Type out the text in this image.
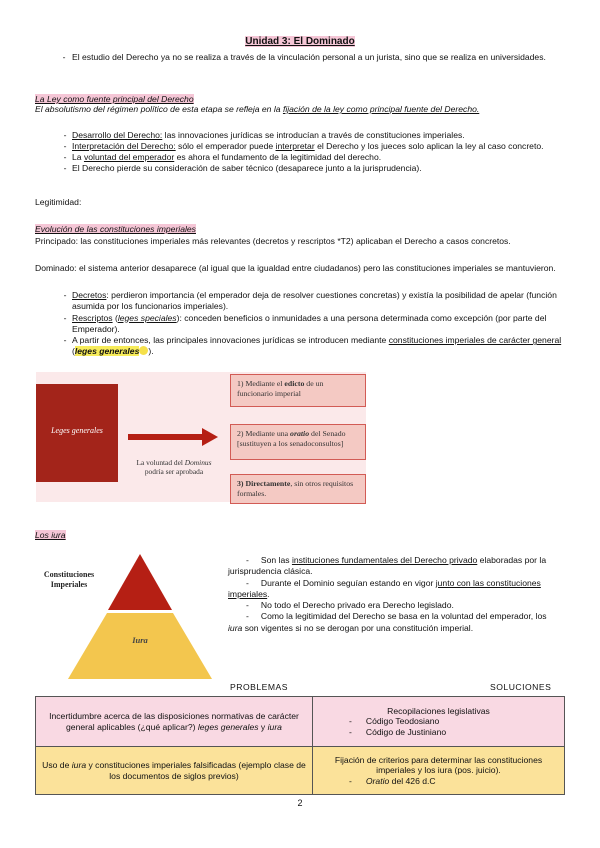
Unidad 3: El Dominado
- El estudio del Derecho ya no se realiza a través de la vinculación personal a un jurista, sino que se realiza en universidades.
La Ley como fuente principal del Derecho
El absolutismo del régimen político de esta etapa se refleja en la fijación de la ley como principal fuente del Derecho.
- Desarrollo del Derecho: las innovaciones jurídicas se introducían a través de constituciones imperiales.
- Interpretación del Derecho: sólo el emperador puede interpretar el Derecho y los jueces solo aplican la ley al caso concreto.
- La voluntad del emperador es ahora el fundamento de la legitimidad del derecho.
- El Derecho pierde su consideración de saber técnico (desaparece junto a la jurisprudencia).
Legitimidad:
Evolución de las constituciones imperiales
Principado: las constituciones imperiales más relevantes (decretos y rescriptos *T2) aplicaban el Derecho a casos concretos.
Dominado: el sistema anterior desaparece (al igual que la igualdad entre ciudadanos) pero las constituciones imperiales se mantuvieron.
- Decretos: perdieron importancia (el emperador deja de resolver cuestiones concretas) y existía la posibilidad de apelar (función asumida por los funcionarios imperiales).
- Rescriptos (leges speciales): conceden beneficios o inmunidades a una persona determinada como excepción (por parte del Emperador).
- A partir de entonces, las principales innovaciones jurídicas se introducen mediante constituciones imperiales de carácter general (leges generales ).
Leges generales
La voluntad del Dominus
podría ser aprobada
1) Mediante el edicto de un funcionario imperial
2) Mediante una oratio del Senado [sustituyen a los senadoconsultos]
3) Directamente, sin otros requisitos formales.
Los iura
Constituciones Imperiales
Iura
- Son las instituciones fundamentales del Derecho privado elaboradas por la jurisprudencia clásica.
- Durante el Dominio seguían estando en vigor junto con las constituciones imperiales.
- No todo el Derecho privado era Derecho legislado.
- Como la legitimidad del Derecho se basa en la voluntad del emperador, los iura son vigentes si no se derogan por una constitución imperial.
PROBLEMAS	SOLUCIONES
Incertidumbre acerca de las disposiciones normativas de carácter general aplicables (¿qué aplicar?) leges generales y iura	Recopilaciones legislativas
- Código Teodosiano
- Código de Justiniano

Uso de iura y constituciones imperiales falsificadas (ejemplo clase de los documentos de siglos previos)	Fijación de criterios para determinar las constituciones imperiales y los iura (pos. juicio).
- Oratio del 426 d.C
2
